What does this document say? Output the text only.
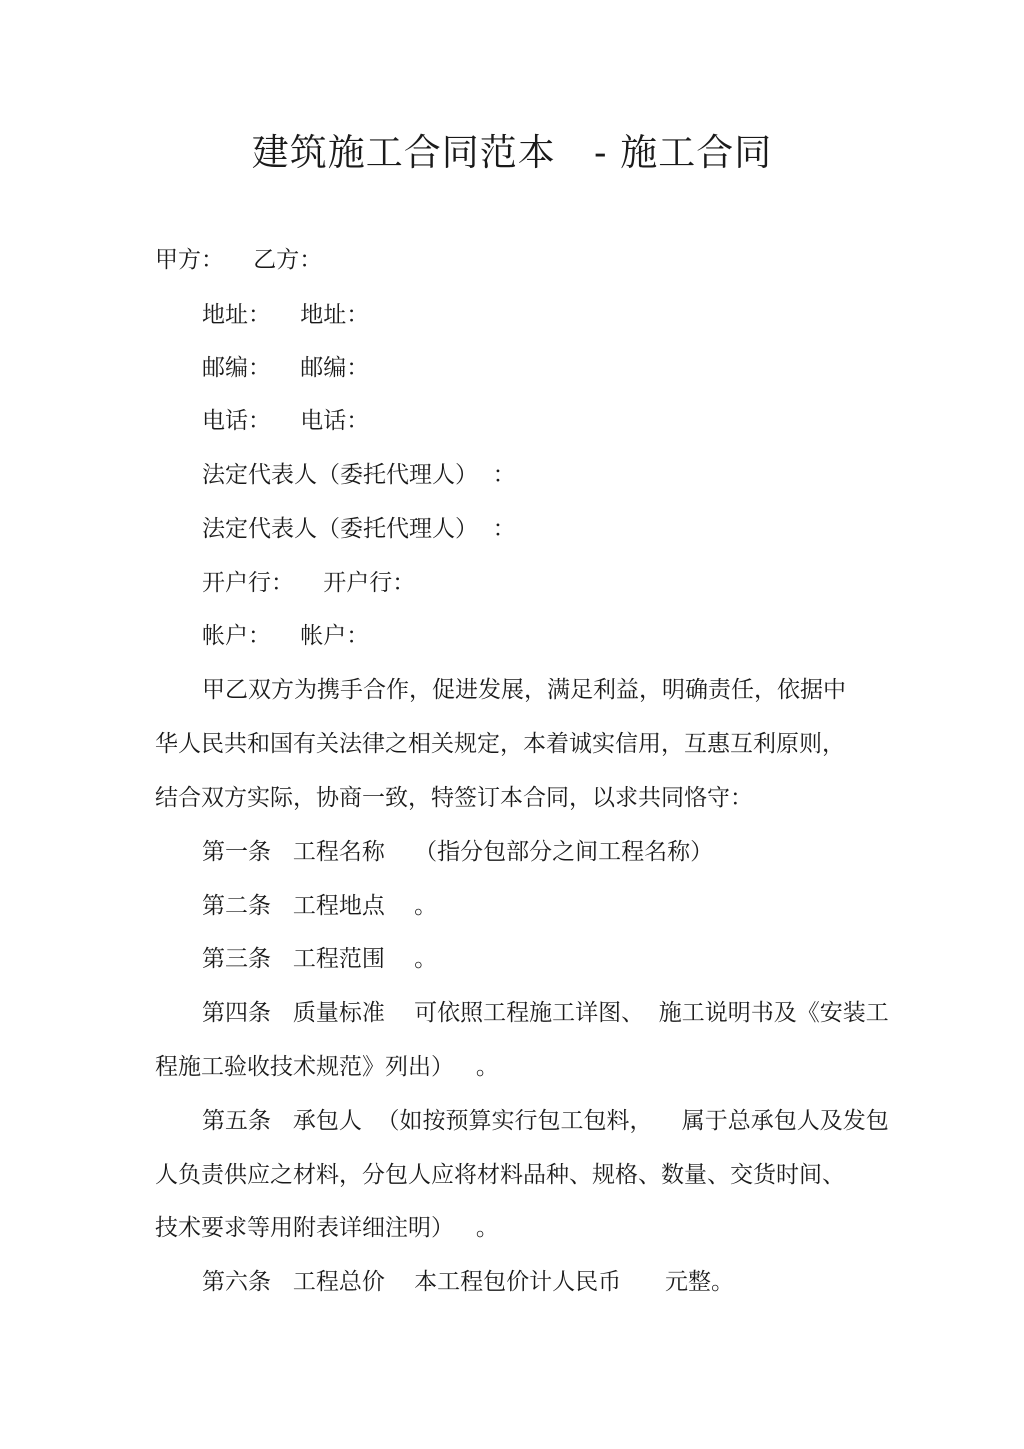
建筑施工合同范本   - 施工合同
甲方：    乙方：
地址：    地址：
邮编：    邮编：
电话：    电话：
法定代表人（委托代理人）  ：
法定代表人（委托代理人）  ：
开户行：    开户行：
帐户：    帐户：
甲乙双方为携手合作，促进发展，满足利益，明确责任，依据中
华人民共和国有关法律之相关规定，本着诚实信用，互惠互利原则，
结合双方实际，协商一致，特签订本合同，以求共同恪守：
第一条   工程名称    （指分包部分之间工程名称）
第二条   工程地点    。
第三条   工程范围    。
第四条   质量标准    可依照工程施工详图、  施工说明书及《安装工
程施工验收技术规范》列出）   。
第五条   承包人  （如按预算实行包工包料，    属于总承包人及发包
人负责供应之材料，分包人应将材料品种、规格、数量、交货时间、
技术要求等用附表详细注明）   。
第六条   工程总价    本工程包价计人民币      元整。
